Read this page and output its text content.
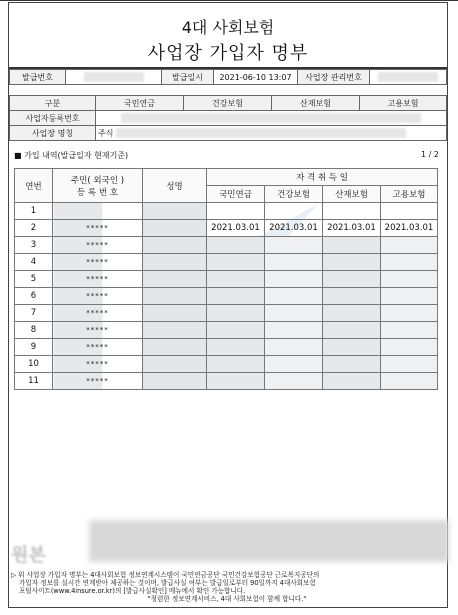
4대 사회보험
사업장 가입자 명부
발급번호		발급일시	2021-06-10 13:07	사업장 관리번호	
구분	국민연금	건강보험	산재보험	고용보험
사업자등록번호				
사업장 명칭	주식			
■ 가입 내역(발급일자 현재기준)	1 / 2
연번	주민( 외국인 )
등 록 번 호	성명	자 격 취 득 일			
			국민연금	건강보험	산재보험	고용보험
1						
2	*****		2021.03.01	2021.03.01	2021.03.01	2021.03.01
3	*****					
4	*****					
5	*****					
6	*****					
7	*****					
8	*****					
9	*****					
10	*****					
11	*****					
원본
▷ 위 사업장 가입자 명부는 4대사회보험 정보연계시스템이 국민연금공단 국민건강보험공단 근로복지공단의
가입자 정보를 실시간 연계받아 제공하는 것이며, 발급사실 여부는 발급일로부터 90일까지 4대사회보험
포털사이트(www.4insure.or.kr)의 [발급사실확인] 메뉴에서 확인 가능합니다.
"청렴한 정보연계서비스, 4대 사회보험이 함께 합니다."
